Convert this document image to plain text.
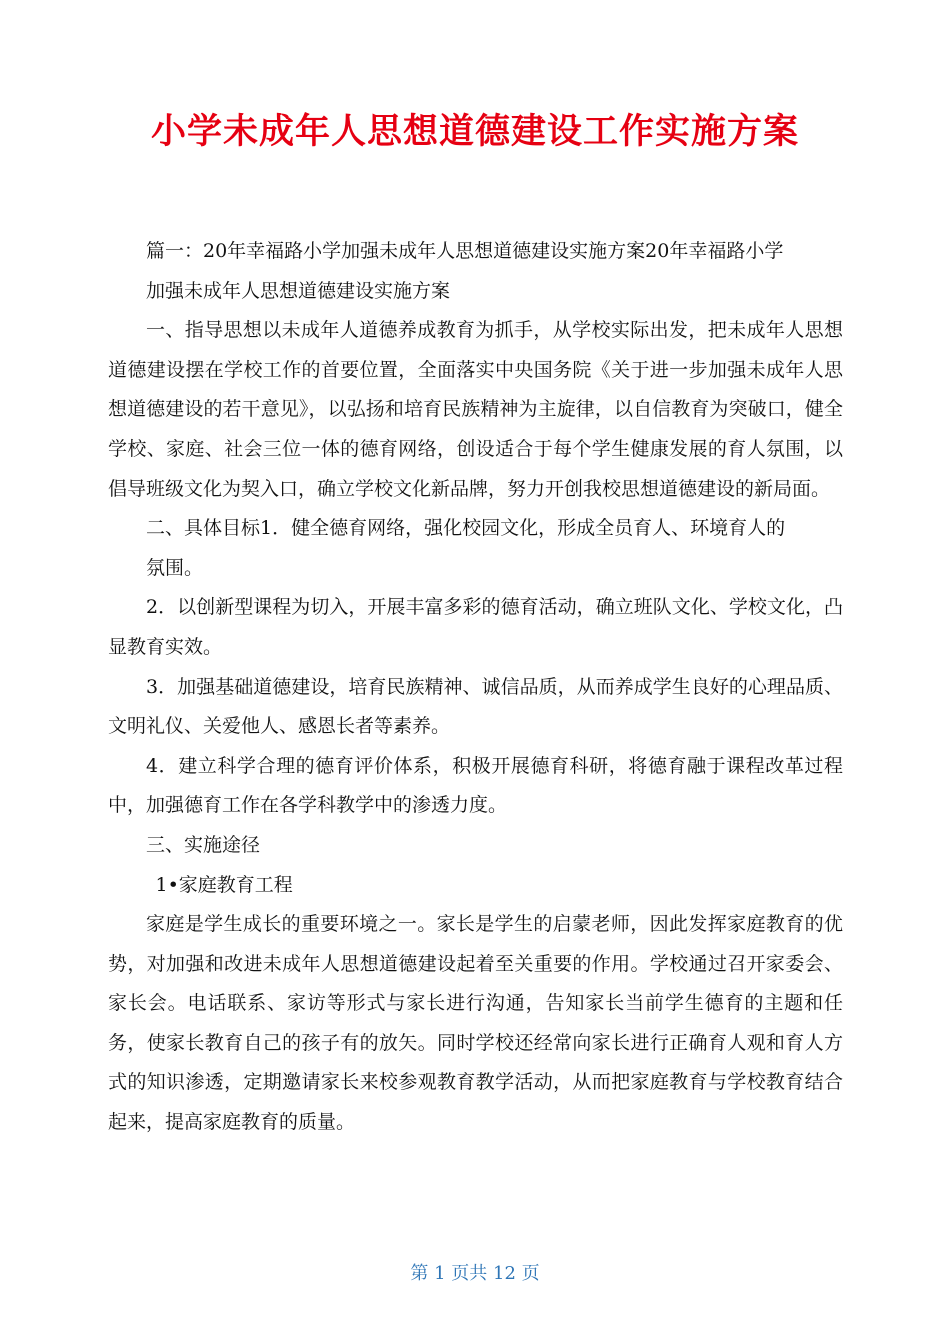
小学未成年人思想道德建设工作实施方案

篇一：20年幸福路小学加强未成年人思想道德建设实施方案20年幸福路小学

加强未成年人思想道德建设实施方案

一、指导思想以未成年人道德养成教育为抓手，从学校实际出发，把未成年人思想道德建设摆在学校工作的首要位置，全面落实中央国务院《关于进一步加强未成年人思想道德建设的若干意见》，以弘扬和培育民族精神为主旋律，以自信教育为突破口，健全学校、家庭、社会三位一体的德育网络，创设适合于每个学生健康发展的育人氛围，以倡导班级文化为契入口，确立学校文化新品牌，努力开创我校思想道德建设的新局面。

二、具体目标1．健全德育网络，强化校园文化，形成全员育人、环境育人的

氛围。

2．以创新型课程为切入，开展丰富多彩的德育活动，确立班队文化、学校文化，凸显教育实效。

3．加强基础道德建设，培育民族精神、诚信品质，从而养成学生良好的心理品质、文明礼仪、关爱他人、感恩长者等素养。

4．建立科学合理的德育评价体系，积极开展德育科研，将德育融于课程改革过程中，加强德育工作在各学科教学中的渗透力度。

三、实施途径

1•家庭教育工程

家庭是学生成长的重要环境之一。家长是学生的启蒙老师，因此发挥家庭教育的优势，对加强和改进未成年人思想道德建设起着至关重要的作用。学校通过召开家委会、家长会。电话联系、家访等形式与家长进行沟通，告知家长当前学生德育的主题和任务，使家长教育自己的孩子有的放矢。同时学校还经常向家长进行正确育人观和育人方式的知识渗透，定期邀请家长来校参观教育教学活动，从而把家庭教育与学校教育结合起来，提高家庭教育的质量。

第 1 页共 12 页
